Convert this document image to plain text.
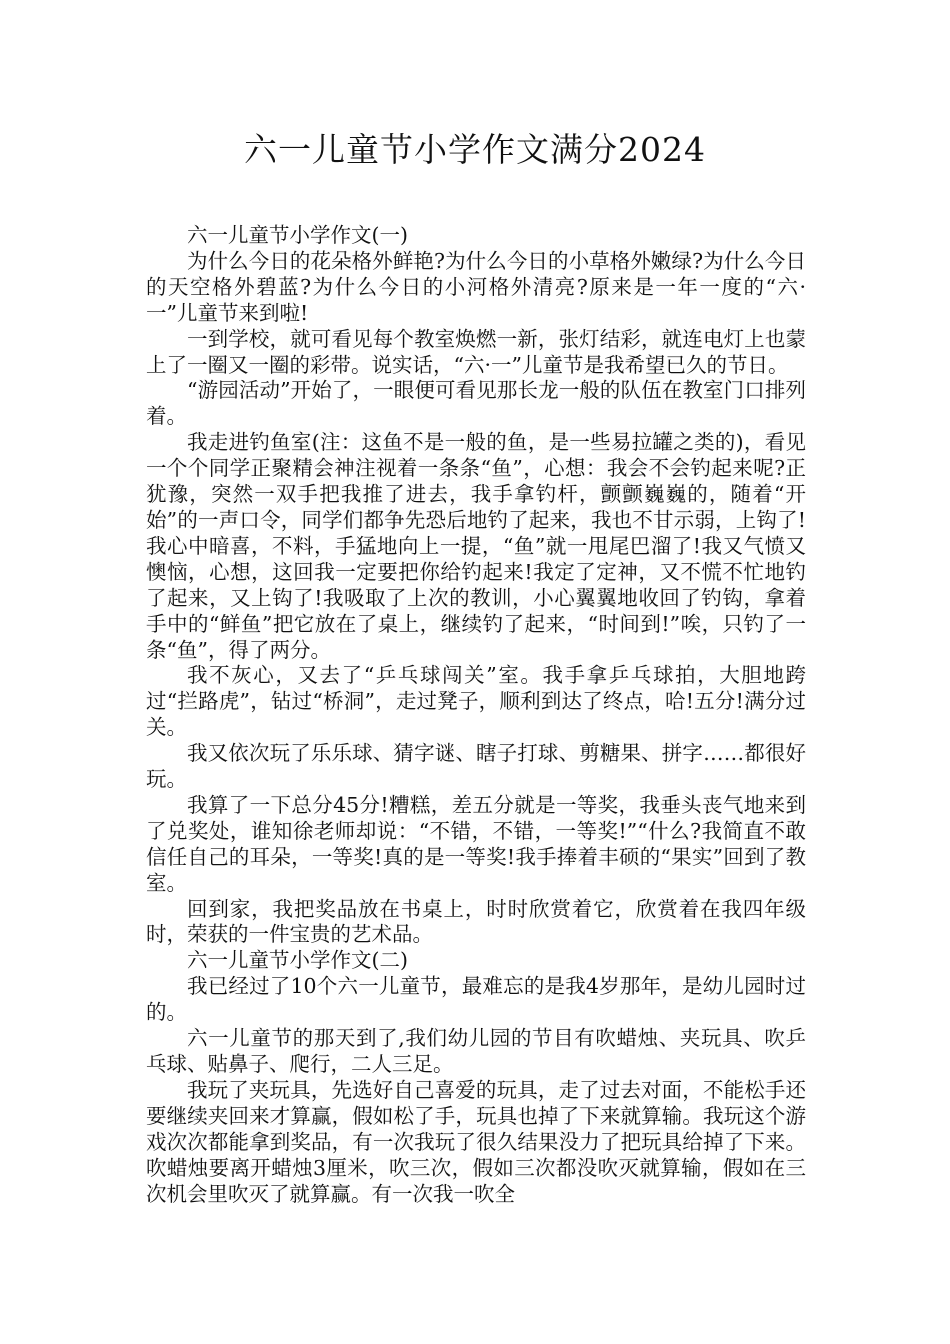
六一儿童节小学作文满分2024

六一儿童节小学作文(一)

为什么今日的花朵格外鲜艳?为什么今日的小草格外嫩绿?为什么今日的天空格外碧蓝?为什么今日的小河格外清亮?原来是一年一度的“六·一”儿童节来到啦!

一到学校，就可看见每个教室焕燃一新，张灯结彩，就连电灯上也蒙上了一圈又一圈的彩带。说实话，“六·一”儿童节是我希望已久的节日。

“游园活动”开始了，一眼便可看见那长龙一般的队伍在教室门口排列着。

我走进钓鱼室(注：这鱼不是一般的鱼，是一些易拉罐之类的)，看见一个个同学正聚精会神注视着一条条“鱼”，心想：我会不会钓起来呢?正犹豫，突然一双手把我推了进去，我手拿钓杆，颤颤巍巍的，随着“开始”的一声口令，同学们都争先恐后地钓了起来，我也不甘示弱，上钩了!我心中暗喜，不料，手猛地向上一提，“鱼”就一甩尾巴溜了!我又气愤又懊恼，心想，这回我一定要把你给钓起来!我定了定神，又不慌不忙地钓了起来，又上钩了!我吸取了上次的教训，小心翼翼地收回了钓钩，拿着手中的“鲜鱼”把它放在了桌上，继续钓了起来，“时间到!”唉，只钓了一条“鱼”，得了两分。

我不灰心，又去了“乒乓球闯关”室。我手拿乒乓球拍，大胆地跨过“拦路虎”，钻过“桥洞”，走过凳子，顺利到达了终点，哈!五分!满分过关。

我又依次玩了乐乐球、猜字谜、瞎子打球、剪糖果、拼字……都很好玩。

我算了一下总分45分!糟糕，差五分就是一等奖，我垂头丧气地来到了兑奖处，谁知徐老师却说：“不错，不错，一等奖!”“什么?我简直不敢信任自己的耳朵，一等奖!真的是一等奖!我手捧着丰硕的“果实”回到了教室。

回到家，我把奖品放在书桌上，时时欣赏着它，欣赏着在我四年级时，荣获的一件宝贵的艺术品。

六一儿童节小学作文(二)

我已经过了10个六一儿童节，最难忘的是我4岁那年，是幼儿园时过的。

六一儿童节的那天到了,我们幼儿园的节目有吹蜡烛、夹玩具、吹乒乓球、贴鼻子、爬行，二人三足。

我玩了夹玩具，先选好自己喜爱的玩具，走了过去对面，不能松手还要继续夹回来才算赢，假如松了手，玩具也掉了下来就算输。我玩这个游戏次次都能拿到奖品，有一次我玩了很久结果没力了把玩具给掉了下来。吹蜡烛要离开蜡烛3厘米，吹三次，假如三次都没吹灭就算输，假如在三次机会里吹灭了就算赢。有一次我一吹全
